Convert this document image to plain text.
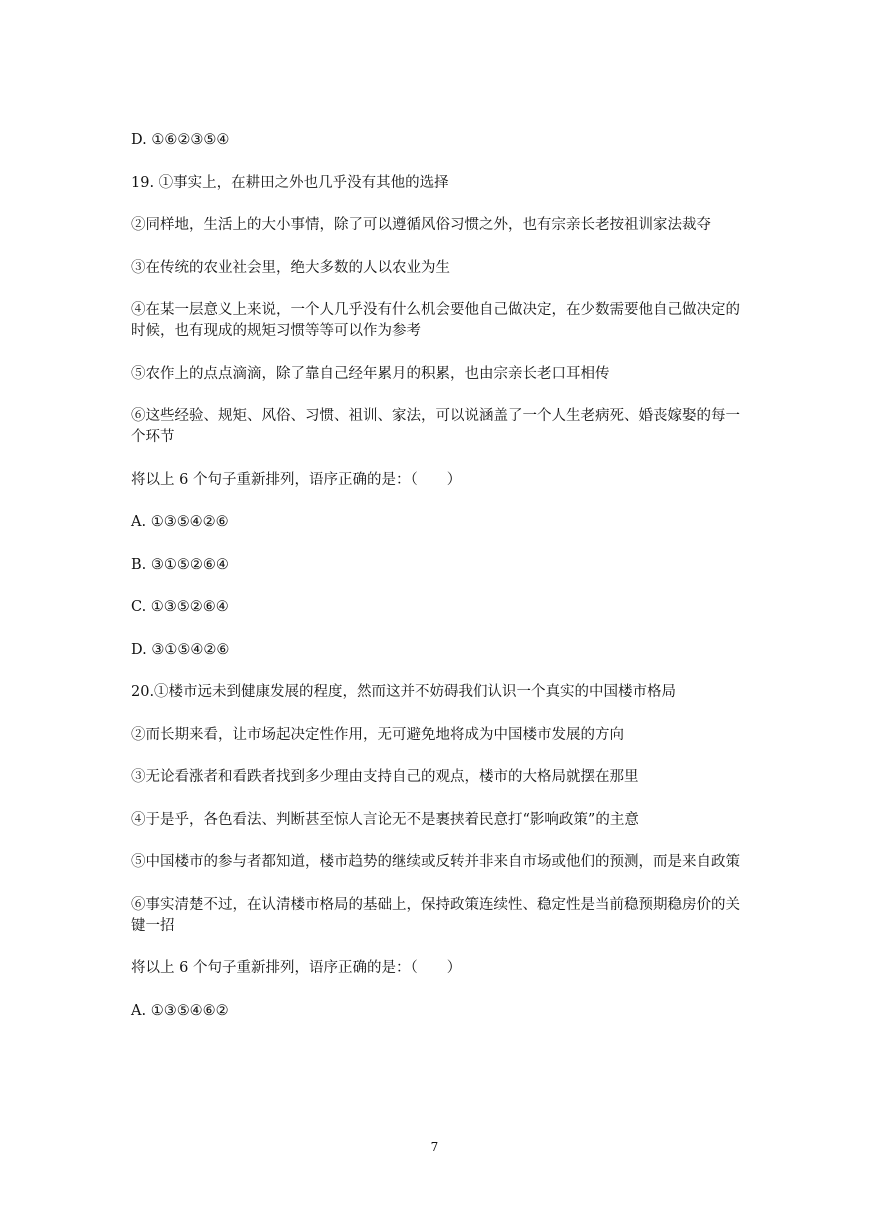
D. ①⑥②③⑤④

19. ①事实上，在耕田之外也几乎没有其他的选择

②同样地，生活上的大小事情，除了可以遵循风俗习惯之外，也有宗亲长老按祖训家法裁夺

③在传统的农业社会里，绝大多数的人以农业为生

④在某一层意义上来说，一个人几乎没有什么机会要他自己做决定，在少数需要他自己做决定的时候，也有现成的规矩习惯等等可以作为参考

⑤农作上的点点滴滴，除了靠自己经年累月的积累，也由宗亲长老口耳相传

⑥这些经验、规矩、风俗、习惯、祖训、家法，可以说涵盖了一个人生老病死、婚丧嫁娶的每一个环节

将以上 6 个句子重新排列，语序正确的是：（　　）

A. ①③⑤④②⑥

B. ③①⑤②⑥④

C. ①③⑤②⑥④

D. ③①⑤④②⑥

20.①楼市远未到健康发展的程度，然而这并不妨碍我们认识一个真实的中国楼市格局

②而长期来看，让市场起决定性作用，无可避免地将成为中国楼市发展的方向

③无论看涨者和看跌者找到多少理由支持自己的观点，楼市的大格局就摆在那里

④于是乎，各色看法、判断甚至惊人言论无不是裹挟着民意打“影响政策”的主意

⑤中国楼市的参与者都知道，楼市趋势的继续或反转并非来自市场或他们的预测，而是来自政策

⑥事实清楚不过，在认清楼市格局的基础上，保持政策连续性、稳定性是当前稳预期稳房价的关键一招

将以上 6 个句子重新排列，语序正确的是：（　　）

A. ①③⑤④⑥②

7
